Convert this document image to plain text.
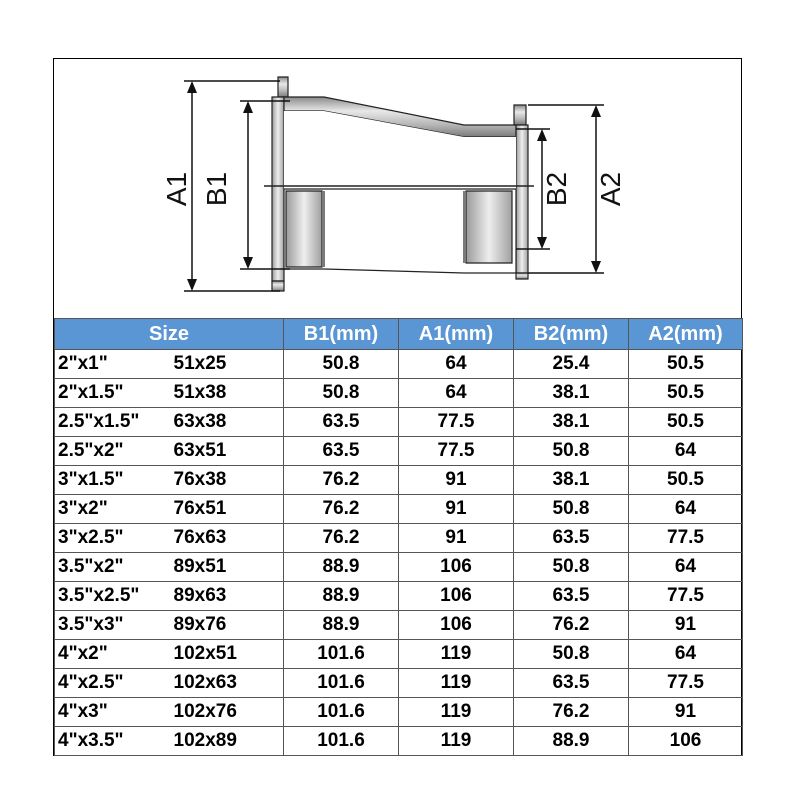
A1 B1	B2 A2
Size		B1(mm)	A1(mm)	B2(mm)	A2(mm)
2"x1"	51x25	50.8	64	25.4	50.5
2"x1.5"	51x38	50.8	64	38.1	50.5
2.5"x1.5"	63x38	63.5	77.5	38.1	50.5
2.5"x2"	63x51	63.5	77.5	50.8	64
3"x1.5"	76x38	76.2	91	38.1	50.5
3"x2"	76x51	76.2	91	50.8	64
3"x2.5"	76x63	76.2	91	63.5	77.5
3.5"x2"	89x51	88.9	106	50.8	64
3.5"x2.5"	89x63	88.9	106	63.5	77.5
3.5"x3"	89x76	88.9	106	76.2	91
4"x2"	102x51	101.6	119	50.8	64
4"x2.5"	102x63	101.6	119	63.5	77.5
4"x3"	102x76	101.6	119	76.2	91
4"x3.5"	102x89	101.6	119	88.9	106
